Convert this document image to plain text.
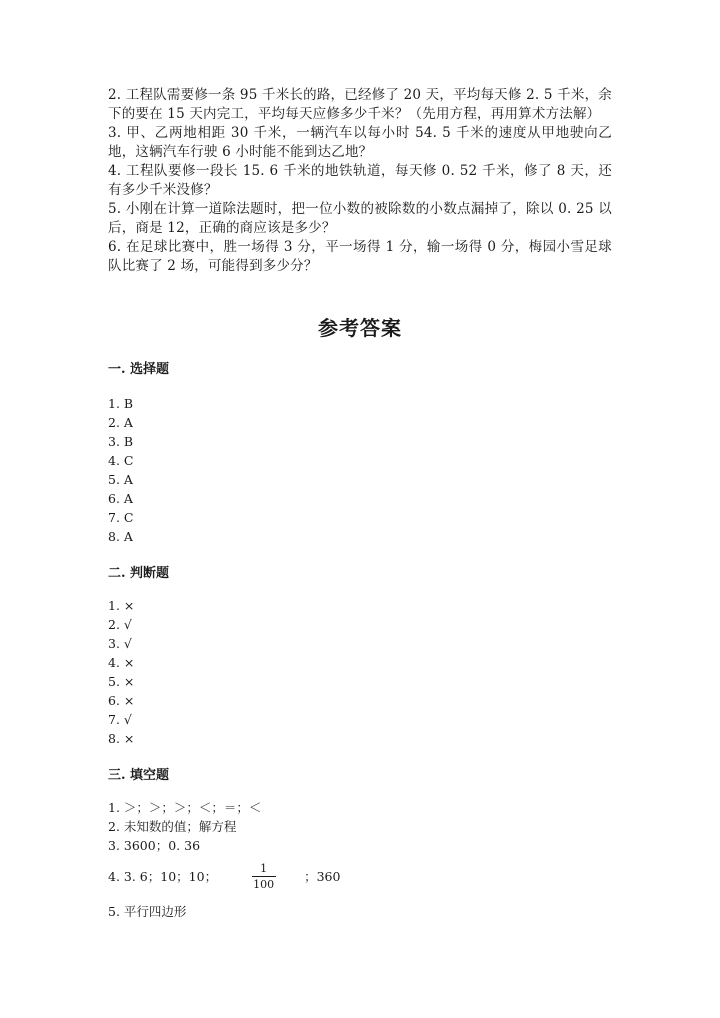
2. 工程队需要修一条 95 千米长的路，已经修了 20 天，平均每天修 2. 5 千米，余下的要在 15 天内完工，平均每天应修多少千米？（先用方程，再用算术方法解）

3. 甲、乙两地相距 30 千米，一辆汽车以每小时 54. 5 千米的速度从甲地驶向乙地，这辆汽车行驶 6 小时能不能到达乙地？

4. 工程队要修一段长 15. 6 千米的地铁轨道，每天修 0. 52 千米，修了 8 天，还有多少千米没修？

5. 小刚在计算一道除法题时，把一位小数的被除数的小数点漏掉了，除以 0. 25 以后，商是 12，正确的商应该是多少？

6. 在足球比赛中，胜一场得 3 分，平一场得 1 分，输一场得 0 分，梅园小雪足球队比赛了 2 场，可能得到多少分？

参考答案
一. 选择题

1. B

2. A

3. B

4. C

5. A

6. A

7. C

8. A

二. 判断题

1. ×

2. √

3. √

4. ×

5. ×

6. ×

7. √

8. ×

三. 填空题

1. ＞；＞；＞；＜；＝；＜

2. 未知数的值；解方程

3. 3600；0. 36

4. 3. 6；10；10；	$\frac{1}{100}$ ；360

5. 平行四边形
